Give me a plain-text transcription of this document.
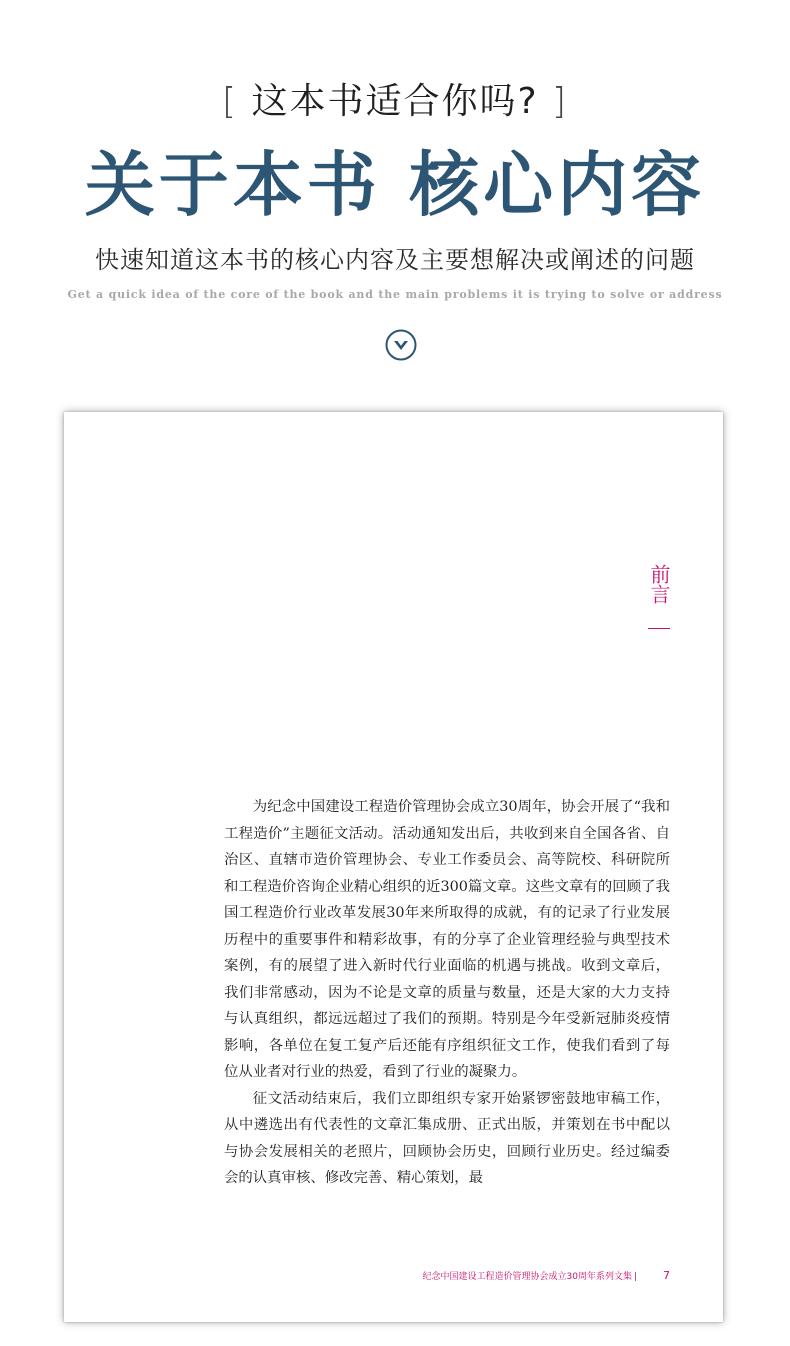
[ 这本书适合你吗? ]
关于本书 核心内容
快速知道这本书的核心内容及主要想解决或阐述的问题
Get a quick idea of the core of the book and the main problems it is trying to solve or address
前言

为纪念中国建设工程造价管理协会成立30周年，协会开展了“我和工程造价”主题征文活动。活动通知发出后，共收到来自全国各省、自治区、直辖市造价管理协会、专业工作委员会、高等院校、科研院所和工程造价咨询企业精心组织的近300篇文章。这些文章有的回顾了我国工程造价行业改革发展30年来所取得的成就，有的记录了行业发展历程中的重要事件和精彩故事，有的分享了企业管理经验与典型技术案例，有的展望了进入新时代行业面临的机遇与挑战。收到文章后，我们非常感动，因为不论是文章的质量与数量，还是大家的大力支持与认真组织，都远远超过了我们的预期。特别是今年受新冠肺炎疫情影响，各单位在复工复产后还能有序组织征文工作，使我们看到了每位从业者对行业的热爱，看到了行业的凝聚力。

征文活动结束后，我们立即组织专家开始紧锣密鼓地审稿工作，从中遴选出有代表性的文章汇集成册、正式出版，并策划在书中配以与协会发展相关的老照片，回顾协会历史，回顾行业历史。经过编委会的认真审核、修改完善、精心策划，最

纪念中国建设工程造价管理协会成立30周年系列文集 | 7
